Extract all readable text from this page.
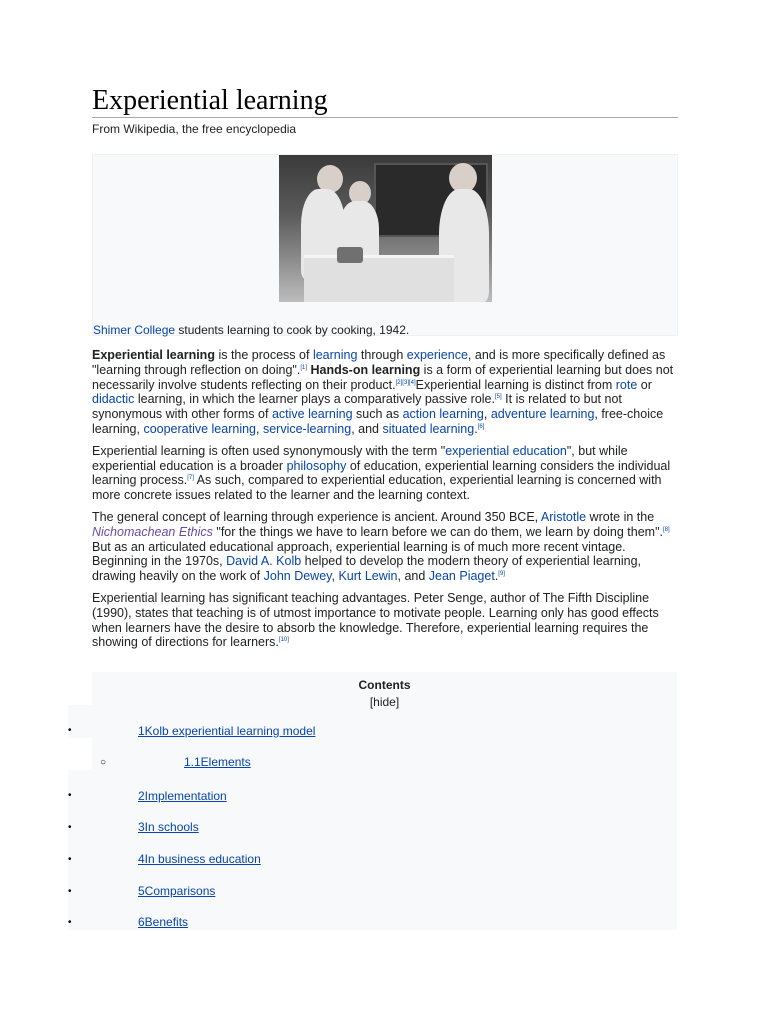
Experiential learning
From Wikipedia, the free encyclopedia
Shimer College students learning to cook by cooking, 1942.

Experiential learning is the process of learning through experience, and is more specifically defined as "learning through reflection on doing".[1] Hands-on learning is a form of experiential learning but does not necessarily involve students reflecting on their product.[2][3][4]Experiential learning is distinct from rote or didactic learning, in which the learner plays a comparatively passive role.[5] It is related to but not synonymous with other forms of active learning such as action learning, adventure learning, free-choice learning, cooperative learning, service-learning, and situated learning.[6]

Experiential learning is often used synonymously with the term "experiential education", but while experiential education is a broader philosophy of education, experiential learning considers the individual learning process.[7] As such, compared to experiential education, experiential learning is concerned with more concrete issues related to the learner and the learning context.

The general concept of learning through experience is ancient. Around 350 BCE, Aristotle wrote in the Nichomachean Ethics "for the things we have to learn before we can do them, we learn by doing them".[8] But as an articulated educational approach, experiential learning is of much more recent vintage. Beginning in the 1970s, David A. Kolb helped to develop the modern theory of experiential learning, drawing heavily on the work of John Dewey, Kurt Lewin, and Jean Piaget.[9]

Experiential learning has significant teaching advantages. Peter Senge, author of The Fifth Discipline (1990), states that teaching is of utmost importance to motivate people. Learning only has good effects when learners have the desire to absorb the knowledge. Therefore, experiential learning requires the showing of directions for learners.[10]

Contents
[hide]
•	1Kolb experiential learning model
○	1.1Elements
•	2Implementation
•	3In schools
•	4In business education
•	5Comparisons
•	6Benefits
